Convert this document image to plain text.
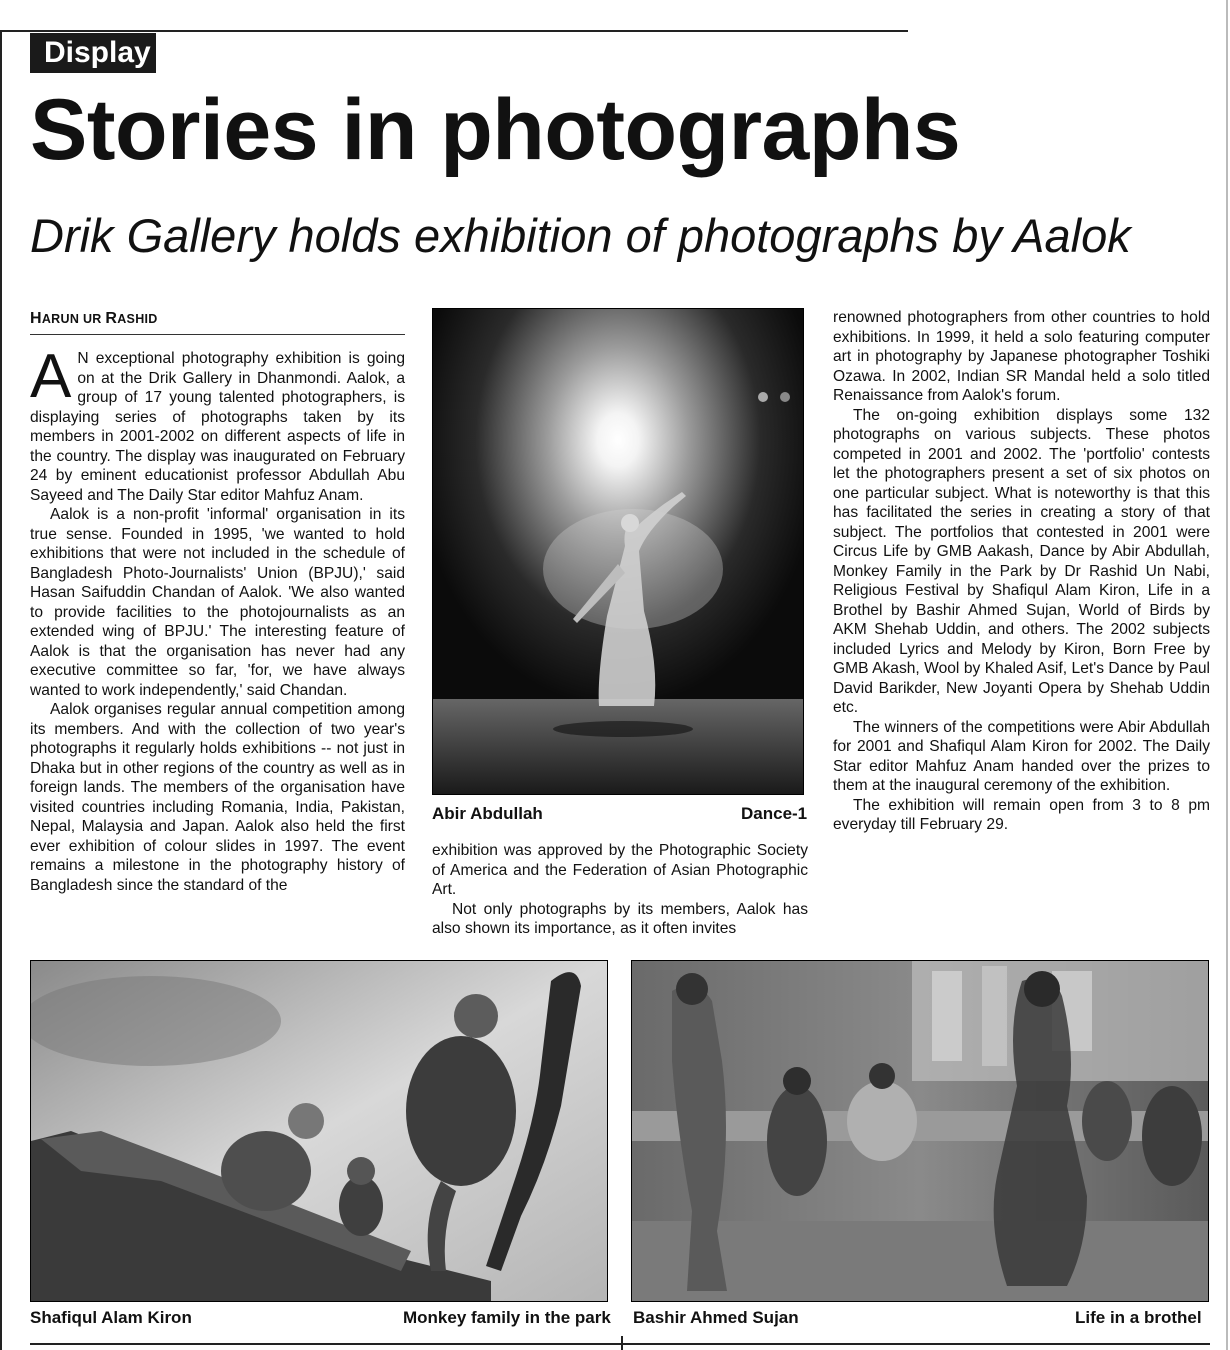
Display
Stories in photographs
Drik Gallery holds exhibition of photographs by Aalok
HARUN UR RASHID

A N exceptional photography exhibition is going on at the Drik Gallery in Dhanmondi. Aalok, a group of 17 young talented photographers, is displaying series of photographs taken by its members in 2001-2002 on different aspects of life in the country. The display was inaugurated on February 24 by eminent educationist professor Abdullah Abu Sayeed and The Daily Star editor Mahfuz Anam.

Aalok is a non-profit 'informal' organisation in its true sense. Founded in 1995, 'we wanted to hold exhibitions that were not included in the schedule of Bangladesh Photo-Journalists' Union (BPJU),' said Hasan Saifuddin Chandan of Aalok. 'We also wanted to provide facilities to the photojournalists as an extended wing of BPJU.' The interesting feature of Aalok is that the organisation has never had any executive committee so far, 'for, we have always wanted to work independently,' said Chandan.

Aalok organises regular annual competition among its members. And with the collection of two year's photographs it regularly holds exhibitions -- not just in Dhaka but in other regions of the country as well as in foreign lands. The members of the organisation have visited countries including Romania, India, Pakistan, Nepal, Malaysia and Japan. Aalok also held the first ever exhibition of colour slides in 1997. The event remains a milestone in the photography history of Bangladesh since the standard of the

Abir Abdullah	Dance-1

exhibition was approved by the Photographic Society of America and the Federation of Asian Photographic Art.

Not only photographs by its members, Aalok has also shown its importance, as it often invites

renowned photographers from other countries to hold exhibitions. In 1999, it held a solo featuring computer art in photography by Japanese photographer Toshiki Ozawa. In 2002, Indian SR Mandal held a solo titled Renaissance from Aalok's forum.

The on-going exhibition displays some 132 photographs on various subjects. These photos competed in 2001 and 2002. The 'portfolio' contests let the photographers present a set of six photos on one particular subject. What is noteworthy is that this has facilitated the series in creating a story of that subject. The portfolios that contested in 2001 were Circus Life by GMB Aakash, Dance by Abir Abdullah, Monkey Family in the Park by Dr Rashid Un Nabi, Religious Festival by Shafiqul Alam Kiron, Life in a Brothel by Bashir Ahmed Sujan, World of Birds by AKM Shehab Uddin, and others. The 2002 subjects included Lyrics and Melody by Kiron, Born Free by GMB Akash, Wool by Khaled Asif, Let's Dance by Paul David Barikder, New Joyanti Opera by Shehab Uddin etc.

The winners of the competitions were Abir Abdullah for 2001 and Shafiqul Alam Kiron for 2002. The Daily Star editor Mahfuz Anam handed over the prizes to them at the inaugural ceremony of the exhibition.

The exhibition will remain open from 3 to 8 pm everyday till February 29.

Shafiqul Alam Kiron	Monkey family in the park Bashir Ahmed Sujan	Life in a brothel
